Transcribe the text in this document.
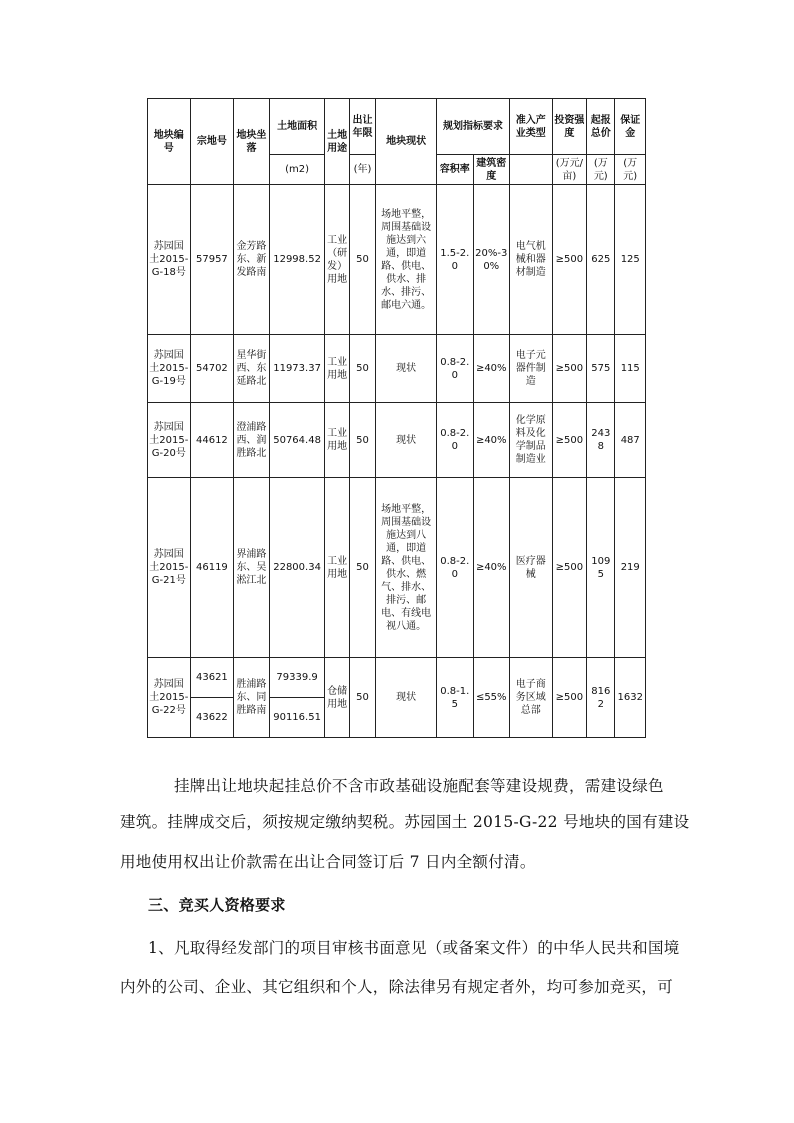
地块编号	宗地号	地块坐落	土地面积	土地用途	出让年限	地块现状	规划指标要求		准入产业类型	投资强度	起报总价	保证金
			(m2)		(年)		容积率	建筑密度		(万元/亩)	(万元)	(万元)
苏园国土2015-G-18号	57957	金芳路东、新发路南	12998.52	工业（研发）用地	50	场地平整，周围基础设施达到六通，即道路、供电、供水、排水、排污、邮电六通。	1.5-2.0	20%-30%	电气机械和器材制造	≥500	625	125
苏园国土2015-G-19号	54702	星华街西、东延路北	11973.37	工业用地	50	现状	0.8-2.0	≥40%	电子元器件制造	≥500	575	115
苏园国土2015-G-20号	44612	澄浦路西、润胜路北	50764.48	工业用地	50	现状	0.8-2.0	≥40%	化学原料及化学制品制造业	≥500	2438	487
苏园国土2015-G-21号	46119	界浦路东、吴淞江北	22800.34	工业用地	50	场地平整，周围基础设施达到八通，即道路、供电、供水、燃气、排水、排污、邮电、有线电视八通。	0.8-2.0	≥40%	医疗器械	≥500	1095	219
苏园国土2015-G-22号	43621	胜浦路东、同胜路南	79339.9	仓储用地	50	现状	0.8-1.5	≤55%	电子商务区域总部	≥500	8162	1632
	43622		90116.51									

挂牌出让地块起挂总价不含市政基础设施配套等建设规费，需建设绿色

建筑。挂牌成交后，须按规定缴纳契税。苏园国土 2015-G-22 号地块的国有建设

用地使用权出让价款需在出让合同签订后 7 日内全额付清。

三、竞买人资格要求

1、凡取得经发部门的项目审核书面意见（或备案文件）的中华人民共和国境

内外的公司、企业、其它组织和个人，除法律另有规定者外，均可参加竞买，可
